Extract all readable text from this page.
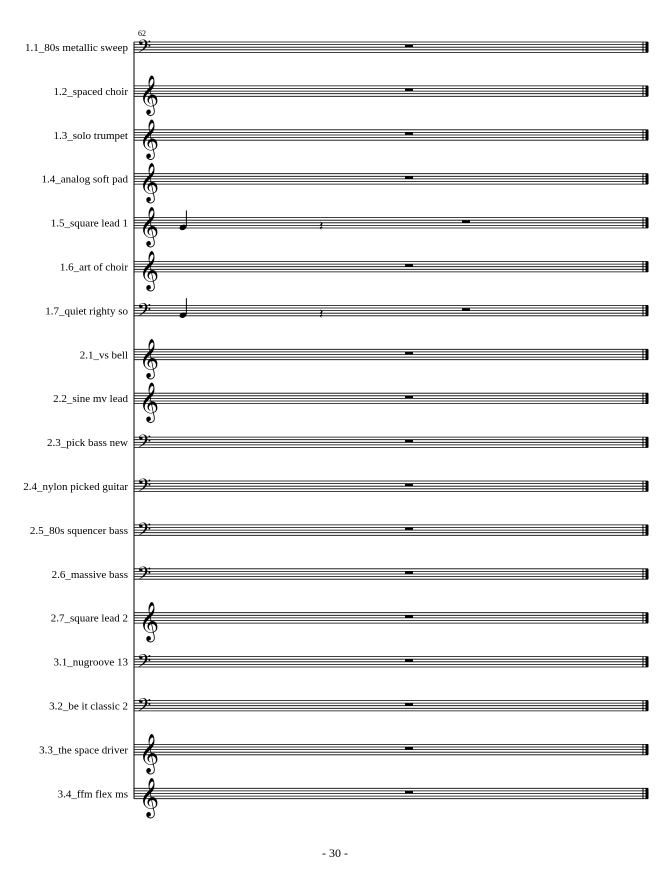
62
1.1_80s metallic sweep 𝄢
1.2_spaced choir 𝄞
1.3_solo trumpet 𝄞
1.4_analog soft pad 𝄞
1.5_square lead 1 𝄞	𝄽
1.6_art of choir 𝄞
1.7_quiet righty so 𝄢	𝄽
2.1_vs bell 𝄞
2.2_sine mv lead 𝄞
2.3_pick bass new 𝄢
2.4_nylon picked guitar 𝄢
2.5_80s squencer bass 𝄢
2.6_massive bass 𝄢
2.7_square lead 2 𝄞
3.1_nugroove 13 𝄢
3.2_be it classic 2 𝄢
3.3_the space driver 𝄞
3.4_ffm flex ms 𝄞
- 30 -
